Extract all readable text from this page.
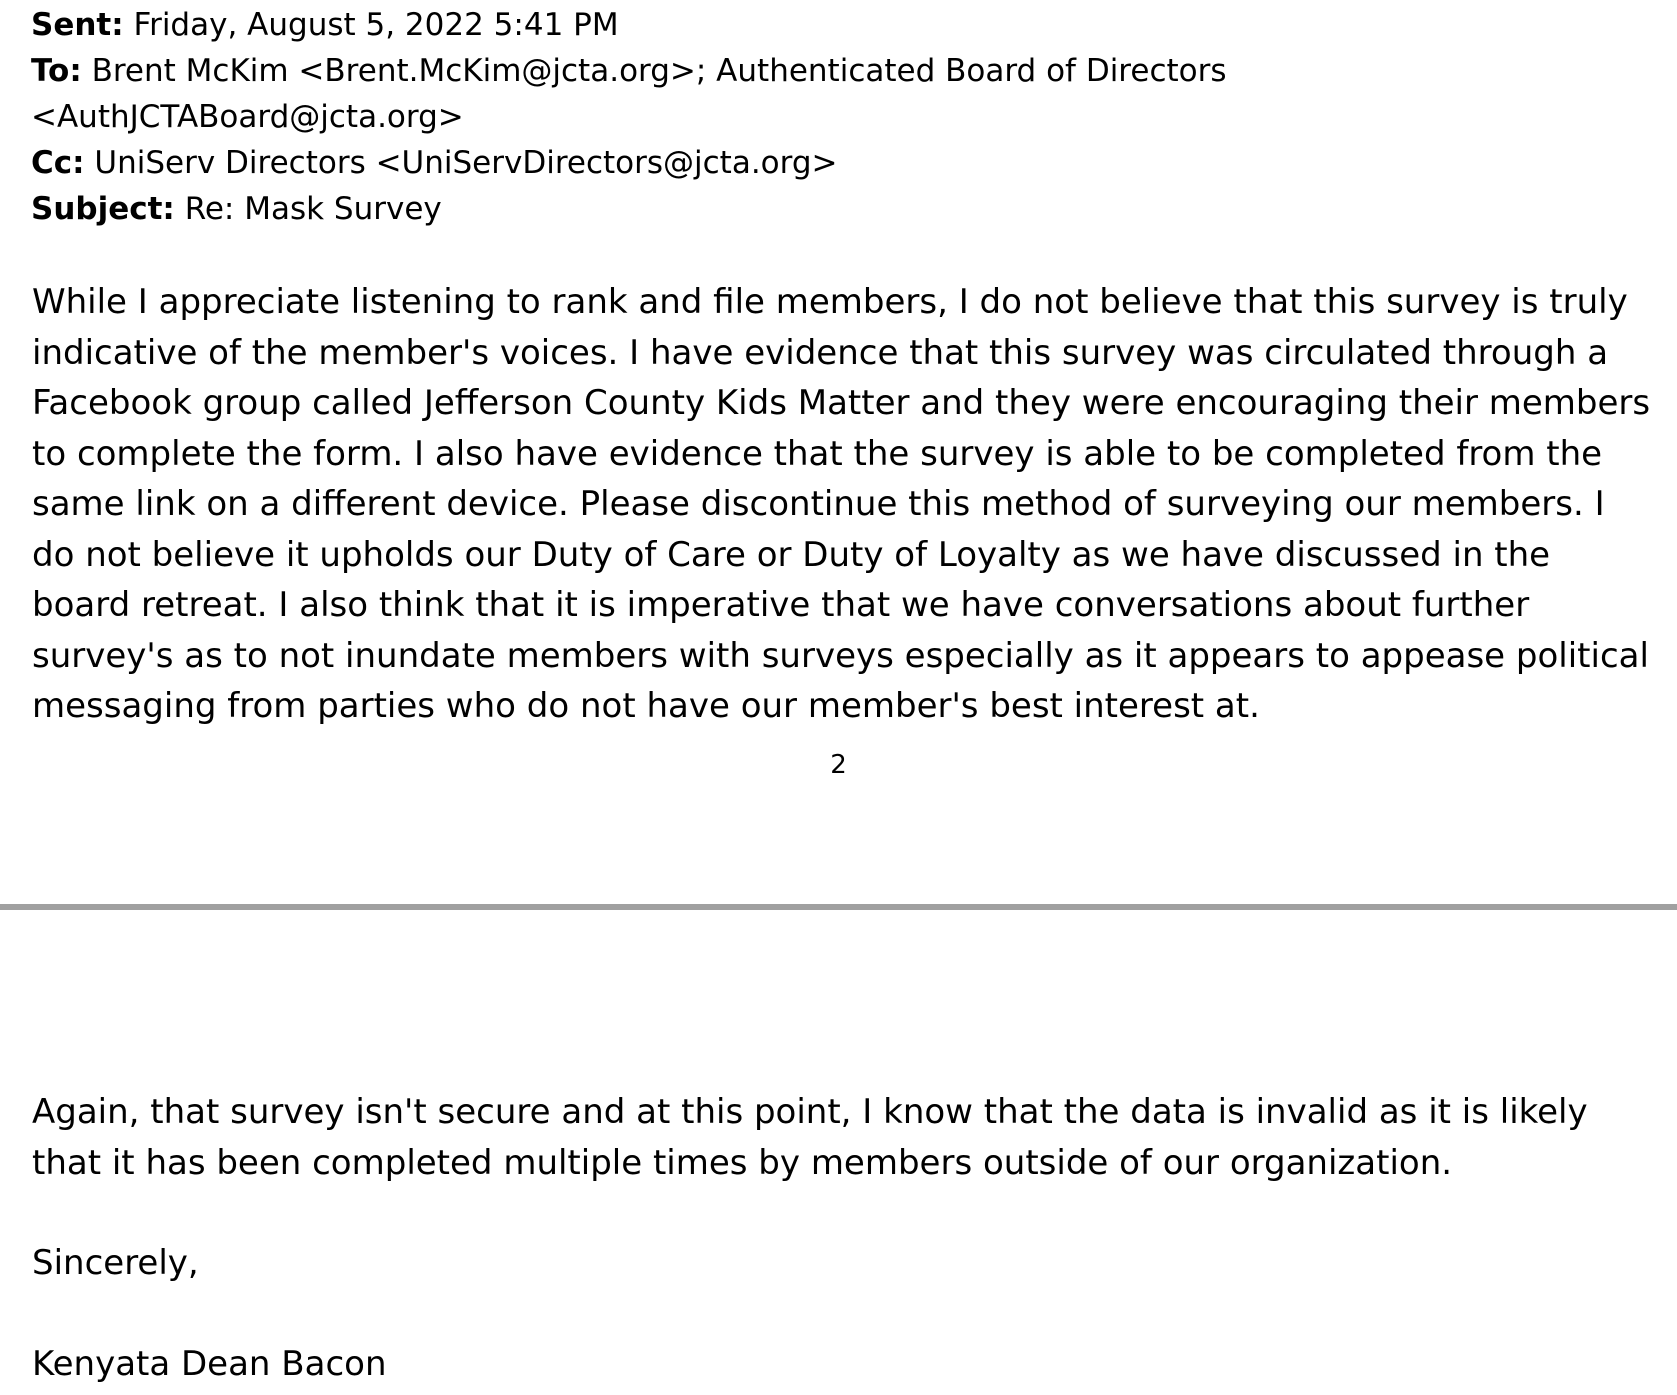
Sent: Friday, August 5, 2022 5:41 PM
To: Brent McKim <Brent.McKim@jcta.org>; Authenticated Board of Directors
<AuthJCTABoard@jcta.org>
Cc: UniServ Directors <UniServDirectors@jcta.org>
Subject: Re: Mask Survey

While I appreciate listening to rank and file members, I do not believe that this survey is truly indicative of the member's voices. I have evidence that this survey was circulated through a Facebook group called Jefferson County Kids Matter and they were encouraging their members to complete the form. I also have evidence that the survey is able to be completed from the same link on a different device. Please discontinue this method of surveying our members. I do not believe it upholds our Duty of Care or Duty of Loyalty as we have discussed in the board retreat. I also think that it is imperative that we have conversations about further survey's as to not inundate members with surveys especially as it appears to appease political messaging from parties who do not have our member's best interest at.

2

Again, that survey isn't secure and at this point, I know that the data is invalid as it is likely that it has been completed multiple times by members outside of our organization.

Sincerely,
Kenyata Dean Bacon
